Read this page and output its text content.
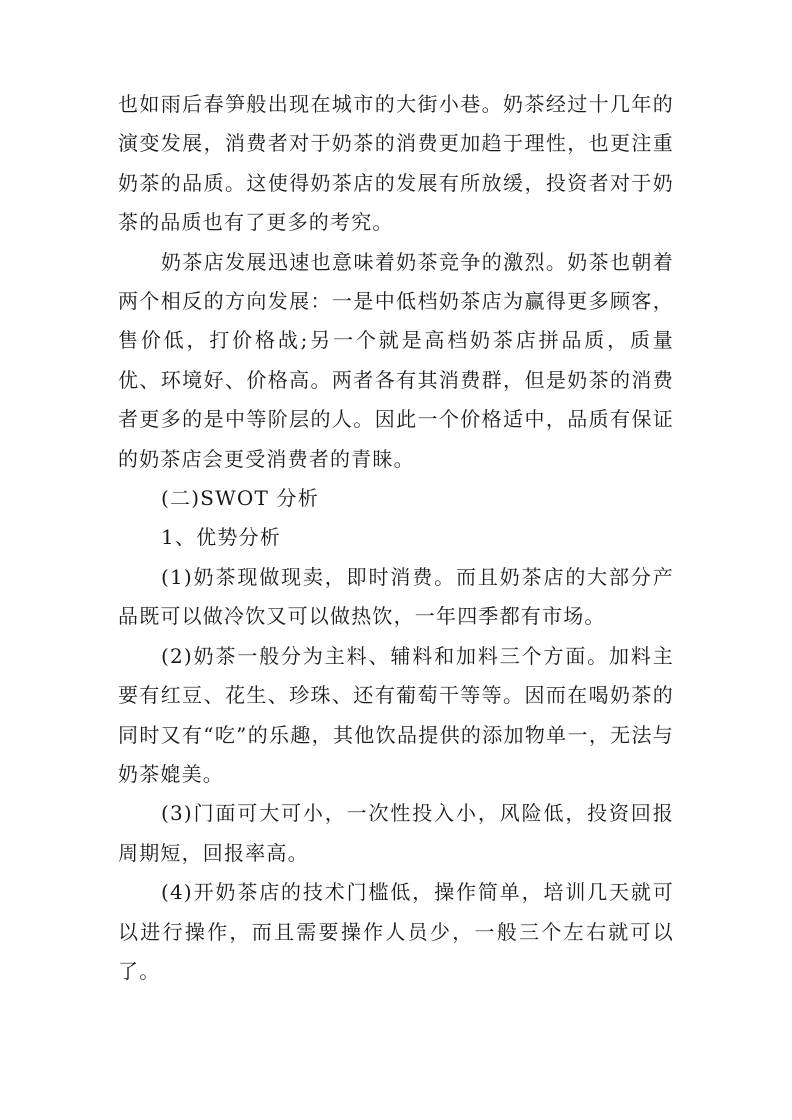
也如雨后春笋般出现在城市的大街小巷。奶茶经过十几年的演变发展，消费者对于奶茶的消费更加趋于理性，也更注重奶茶的品质。这使得奶茶店的发展有所放缓，投资者对于奶茶的品质也有了更多的考究。

奶茶店发展迅速也意味着奶茶竞争的激烈。奶茶也朝着两个相反的方向发展：一是中低档奶茶店为赢得更多顾客，售价低，打价格战;另一个就是高档奶茶店拼品质，质量优、环境好、价格高。两者各有其消费群，但是奶茶的消费者更多的是中等阶层的人。因此一个价格适中，品质有保证的奶茶店会更受消费者的青睐。

(二)SWOT 分析

1、优势分析

(1)奶茶现做现卖，即时消费。而且奶茶店的大部分产品既可以做冷饮又可以做热饮，一年四季都有市场。

(2)奶茶一般分为主料、辅料和加料三个方面。加料主要有红豆、花生、珍珠、还有葡萄干等等。因而在喝奶茶的同时又有“吃”的乐趣，其他饮品提供的添加物单一，无法与奶茶媲美。

(3)门面可大可小，一次性投入小，风险低，投资回报周期短，回报率高。

(4)开奶茶店的技术门槛低，操作简单，培训几天就可以进行操作，而且需要操作人员少，一般三个左右就可以了。
